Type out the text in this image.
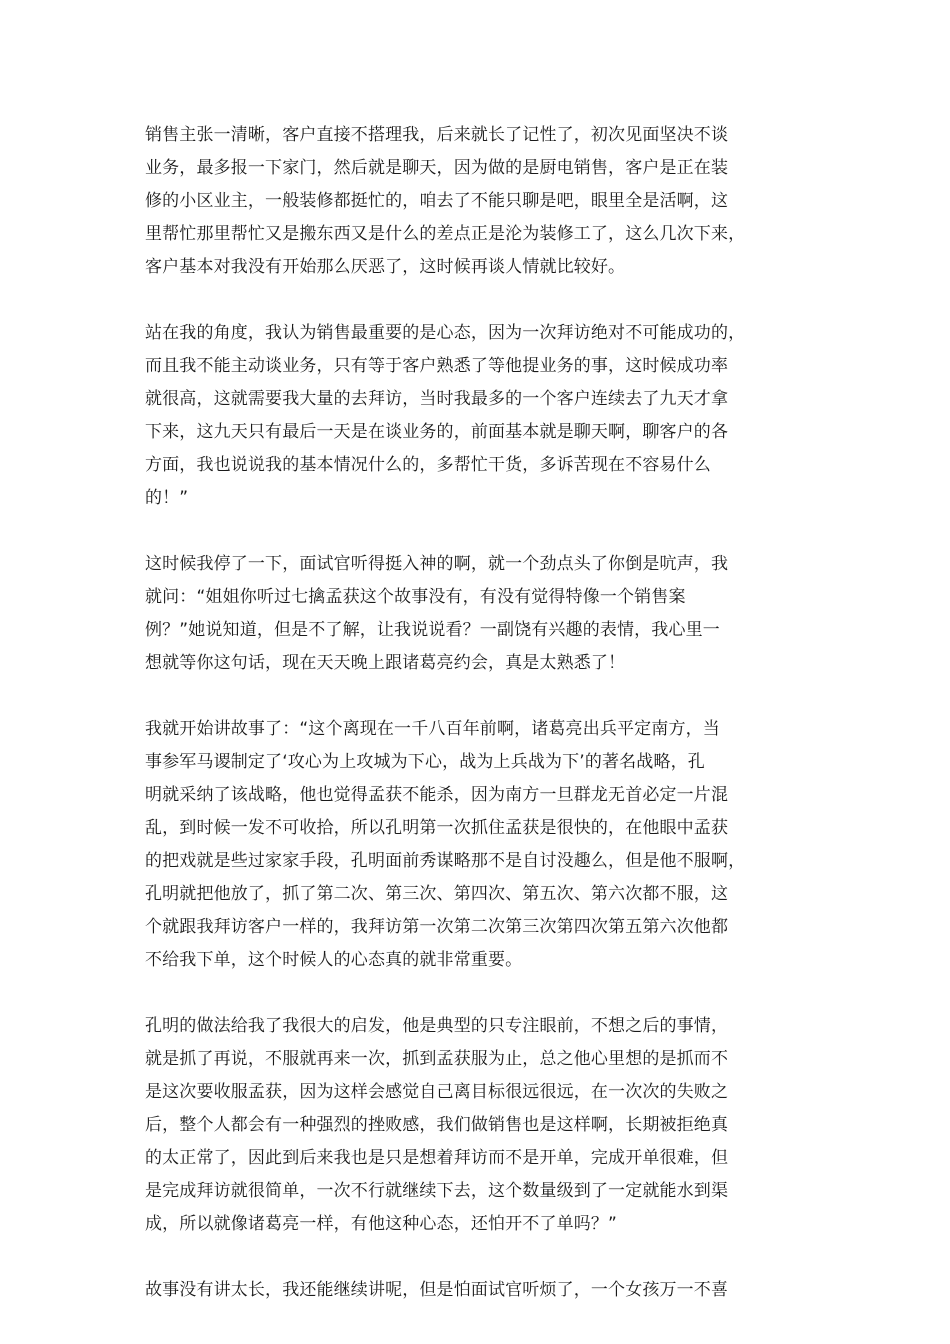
销售主张一清晰，客户直接不搭理我，后来就长了记性了，初次见面坚决不谈
业务，最多报一下家门，然后就是聊天，因为做的是厨电销售，客户是正在装
修的小区业主，一般装修都挺忙的，咱去了不能只聊是吧，眼里全是活啊，这
里帮忙那里帮忙又是搬东西又是什么的差点正是沦为装修工了，这么几次下来，
客户基本对我没有开始那么厌恶了，这时候再谈人情就比较好。
站在我的角度，我认为销售最重要的是心态，因为一次拜访绝对不可能成功的，
而且我不能主动谈业务，只有等于客户熟悉了等他提业务的事，这时候成功率
就很高，这就需要我大量的去拜访，当时我最多的一个客户连续去了九天才拿
下来，这九天只有最后一天是在谈业务的，前面基本就是聊天啊，聊客户的各
方面，我也说说我的基本情况什么的，多帮忙干货，多诉苦现在不容易什么
的！”
这时候我停了一下，面试官听得挺入神的啊，就一个劲点头了你倒是吭声，我
就问：“姐姐你听过七擒孟获这个故事没有，有没有觉得特像一个销售案
例？”她说知道，但是不了解，让我说说看？一副饶有兴趣的表情，我心里一
想就等你这句话，现在天天晚上跟诸葛亮约会，真是太熟悉了！
我就开始讲故事了：“这个离现在一千八百年前啊，诸葛亮出兵平定南方，当
事参军马谡制定了‘攻心为上攻城为下心，战为上兵战为下’的著名战略，孔
明就采纳了该战略，他也觉得孟获不能杀，因为南方一旦群龙无首必定一片混
乱，到时候一发不可收拾，所以孔明第一次抓住孟获是很快的，在他眼中孟获
的把戏就是些过家家手段，孔明面前秀谋略那不是自讨没趣么，但是他不服啊，
孔明就把他放了，抓了第二次、第三次、第四次、第五次、第六次都不服，这
个就跟我拜访客户一样的，我拜访第一次第二次第三次第四次第五第六次他都
不给我下单，这个时候人的心态真的就非常重要。
孔明的做法给我了我很大的启发，他是典型的只专注眼前，不想之后的事情，
就是抓了再说，不服就再来一次，抓到孟获服为止，总之他心里想的是抓而不
是这次要收服孟获，因为这样会感觉自己离目标很远很远，在一次次的失败之
后，整个人都会有一种强烈的挫败感，我们做销售也是这样啊，长期被拒绝真
的太正常了，因此到后来我也是只是想着拜访而不是开单，完成开单很难，但
是完成拜访就很简单，一次不行就继续下去，这个数量级到了一定就能水到渠
成，所以就像诸葛亮一样，有他这种心态，还怕开不了单吗？”
故事没有讲太长，我还能继续讲呢，但是怕面试官听烦了，一个女孩万一不喜
